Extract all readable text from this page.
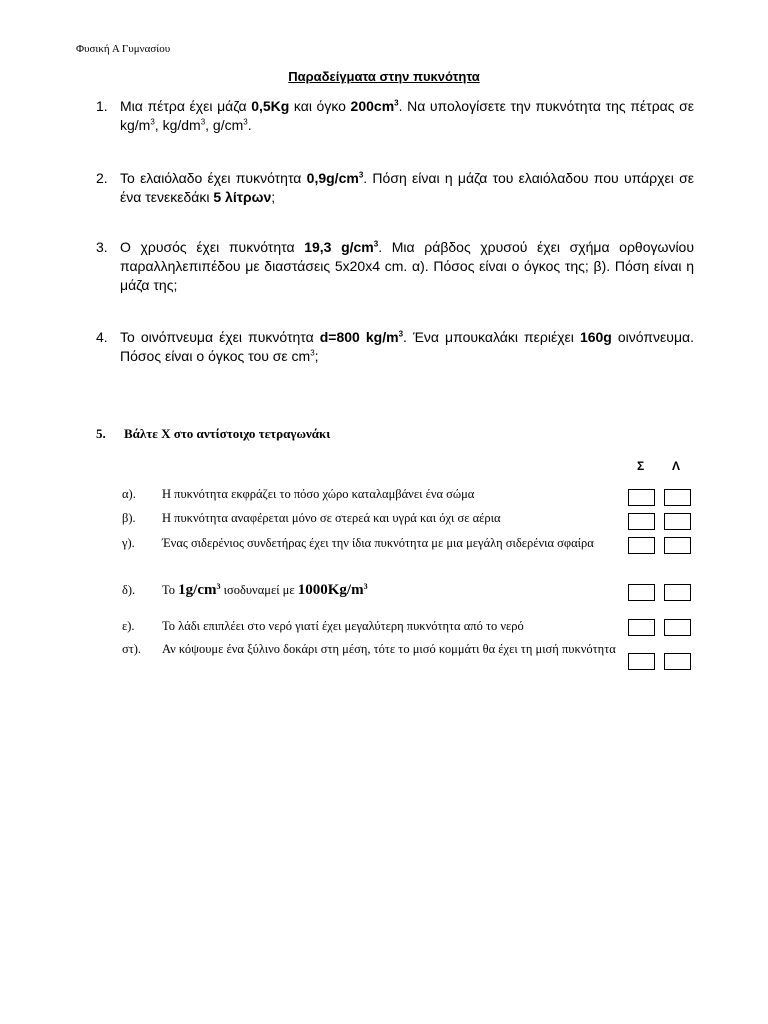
Φυσική Α Γυμνασίου
Παραδείγματα στην πυκνότητα
1. Μια πέτρα έχει μάζα 0,5Kg και όγκο $200cm^3$. Να υπολογίσετε την πυκνότητα της πέτρας σε $kg/m^3$, $kg/dm^3$, $g/cm^3$.
2. Το ελαιόλαδο έχει πυκνότητα $0,9g/cm^3$. Πόση είναι η μάζα του ελαιόλαδου που υπάρχει σε ένα τενεκεδάκι 5 λίτρων;
3. Ο χρυσός έχει πυκνότητα 19,3 $g/cm^3$. Μια ράβδος χρυσού έχει σχήμα ορθογωνίου παραλληλεπιπέδου με διαστάσεις 5x20x4 cm. α). Πόσος είναι ο όγκος της; β). Πόση είναι η μάζα της;
4. Το οινόπνευμα έχει πυκνότητα d=800 $kg/m^3$. Ένα μπουκαλάκι περιέχει 160g οινόπνευμα. Πόσος είναι ο όγκος του σε $cm^3$;
5. Βάλτε Χ στο αντίστοιχο τετραγωνάκι
Σ Λ
α). Η πυκνότητα εκφράζει το πόσο χώρο καταλαμβάνει ένα σώμα
β). Η πυκνότητα αναφέρεται μόνο σε στερεά και υγρά και όχι σε αέρια
γ). Ένας σιδερένιος συνδετήρας έχει την ίδια πυκνότητα με μια μεγάλη σιδερένια σφαίρα
δ). Το $1g/cm^3$ ισοδυναμεί με $1000Kg/m^3$
ε). Το λάδι επιπλέει στο νερό γιατί έχει μεγαλύτερη πυκνότητα από το νερό
στ). Αν κόψουμε ένα ξύλινο δοκάρι στη μέση, τότε το μισό κομμάτι θα έχει τη μισή πυκνότητα
